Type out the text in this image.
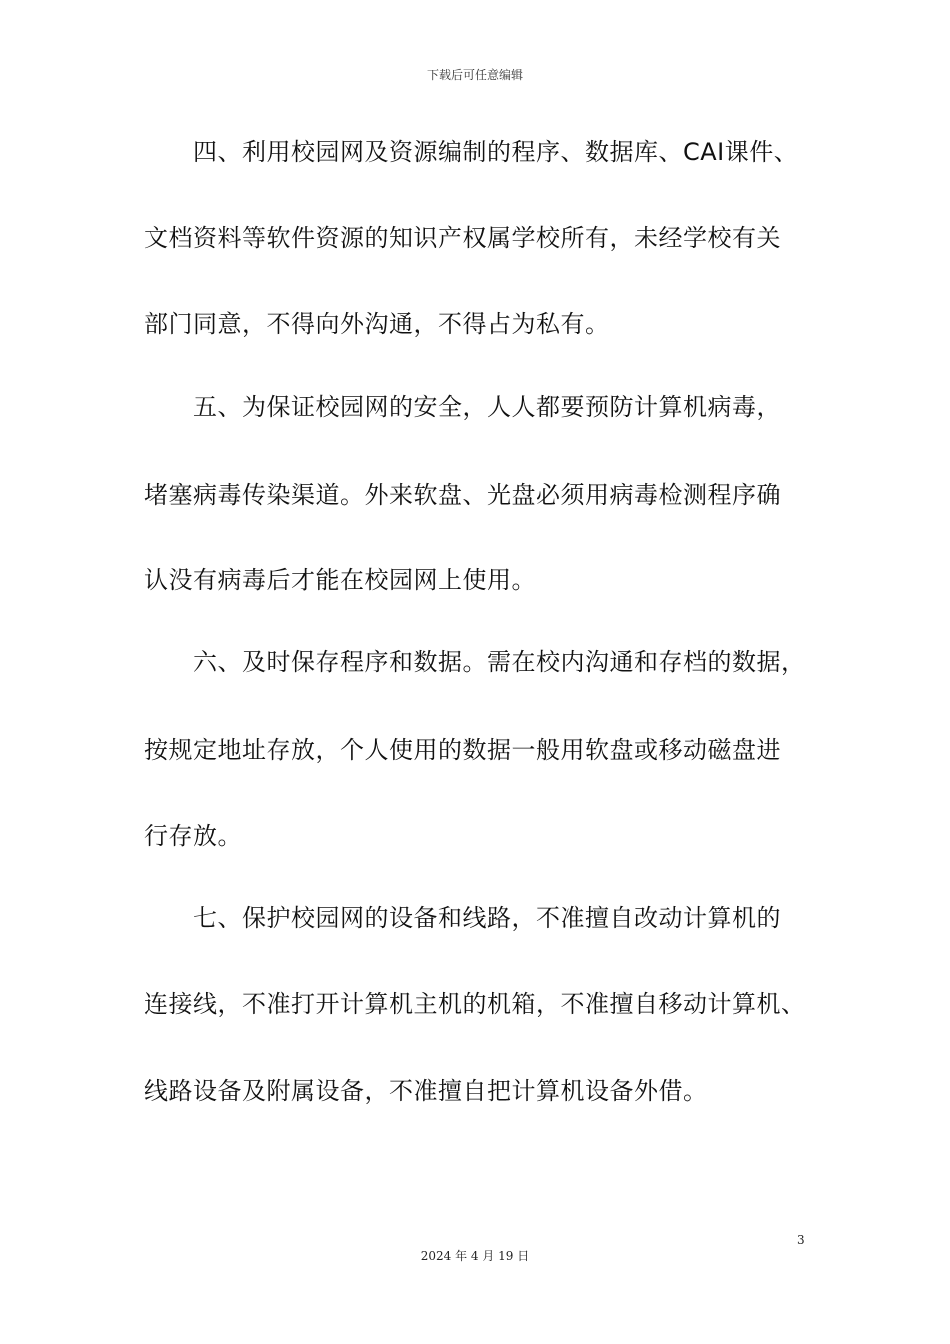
下载后可任意编辑
四、利用校园网及资源编制的程序、数据库、CAI课件、
文档资料等软件资源的知识产权属学校所有，未经学校有关
部门同意，不得向外沟通，不得占为私有。
五、为保证校园网的安全，人人都要预防计算机病毒，
堵塞病毒传染渠道。外来软盘、光盘必须用病毒检测程序确
认没有病毒后才能在校园网上使用。
六、及时保存程序和数据。需在校内沟通和存档的数据，
按规定地址存放，个人使用的数据一般用软盘或移动磁盘进
行存放。
七、保护校园网的设备和线路，不准擅自改动计算机的
连接线，不准打开计算机主机的机箱，不准擅自移动计算机、
线路设备及附属设备，不准擅自把计算机设备外借。
3
2024 年 4 月 19 日
